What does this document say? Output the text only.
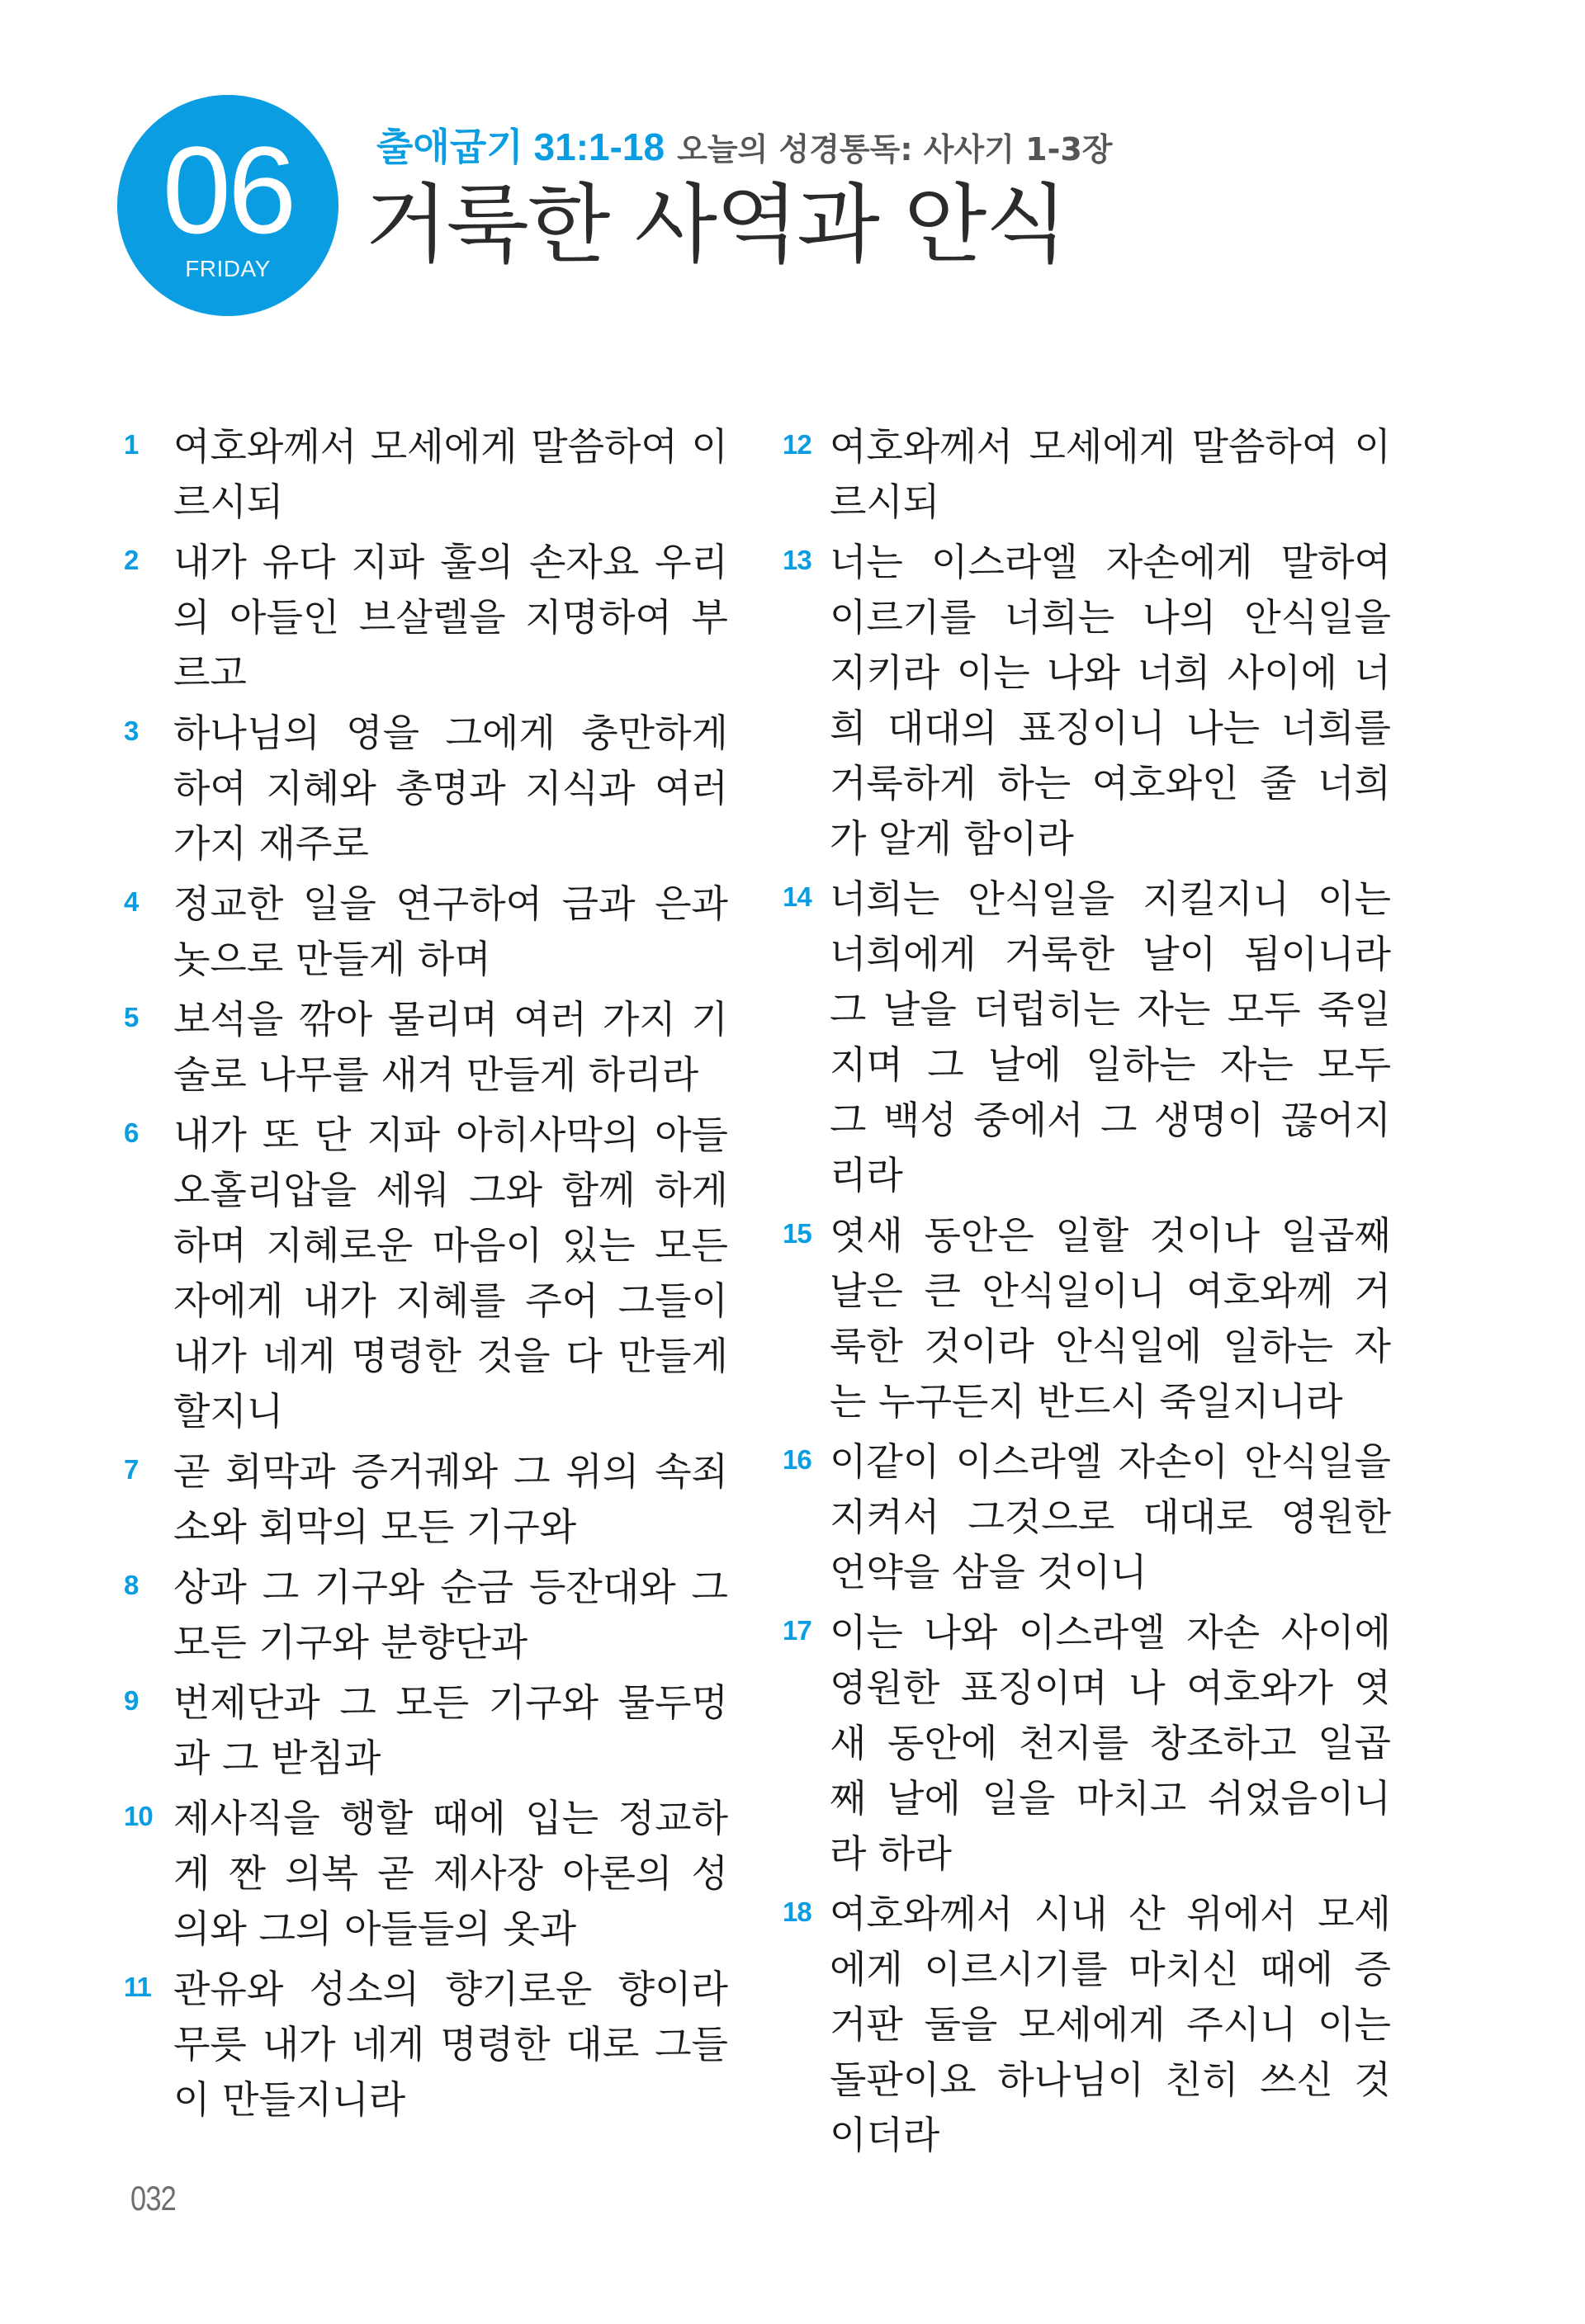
06
FRIDAY
출애굽기 31:1-18 오늘의 성경통독: 사사기 1-3장
거룩한 사역과 안식
1 여호와께서 모세에게 말씀하여 이
르시되
2 내가 유다 지파 훌의 손자요 우리
의 아들인 브살렐을 지명하여 부
르고
3 하나님의 영을 그에게 충만하게
하여 지혜와 총명과 지식과 여러
가지 재주로
4 정교한 일을 연구하여 금과 은과
놋으로 만들게 하며
5 보석을 깎아 물리며 여러 가지 기
술로 나무를 새겨 만들게 하리라
6 내가 또 단 지파 아히사막의 아들
오홀리압을 세워 그와 함께 하게
하며 지혜로운 마음이 있는 모든
자에게 내가 지혜를 주어 그들이
내가 네게 명령한 것을 다 만들게
할지니
7 곧 회막과 증거궤와 그 위의 속죄
소와 회막의 모든 기구와
8 상과 그 기구와 순금 등잔대와 그
모든 기구와 분향단과
9 번제단과 그 모든 기구와 물두멍
과 그 받침과
10 제사직을 행할 때에 입는 정교하
게 짠 의복 곧 제사장 아론의 성
의와 그의 아들들의 옷과
11 관유와 성소의 향기로운 향이라
무릇 내가 네게 명령한 대로 그들
이 만들지니라
12 여호와께서 모세에게 말씀하여 이
르시되
13 너는 이스라엘 자손에게 말하여
이르기를 너희는 나의 안식일을
지키라 이는 나와 너희 사이에 너
희 대대의 표징이니 나는 너희를
거룩하게 하는 여호와인 줄 너희
가 알게 함이라
14 너희는 안식일을 지킬지니 이는
너희에게 거룩한 날이 됨이니라
그 날을 더럽히는 자는 모두 죽일
지며 그 날에 일하는 자는 모두
그 백성 중에서 그 생명이 끊어지
리라
15 엿새 동안은 일할 것이나 일곱째
날은 큰 안식일이니 여호와께 거
룩한 것이라 안식일에 일하는 자
는 누구든지 반드시 죽일지니라
16 이같이 이스라엘 자손이 안식일을
지켜서 그것으로 대대로 영원한
언약을 삼을 것이니
17 이는 나와 이스라엘 자손 사이에
영원한 표징이며 나 여호와가 엿
새 동안에 천지를 창조하고 일곱
째 날에 일을 마치고 쉬었음이니
라 하라
18 여호와께서 시내 산 위에서 모세
에게 이르시기를 마치신 때에 증
거판 둘을 모세에게 주시니 이는
돌판이요 하나님이 친히 쓰신 것
이더라
032
